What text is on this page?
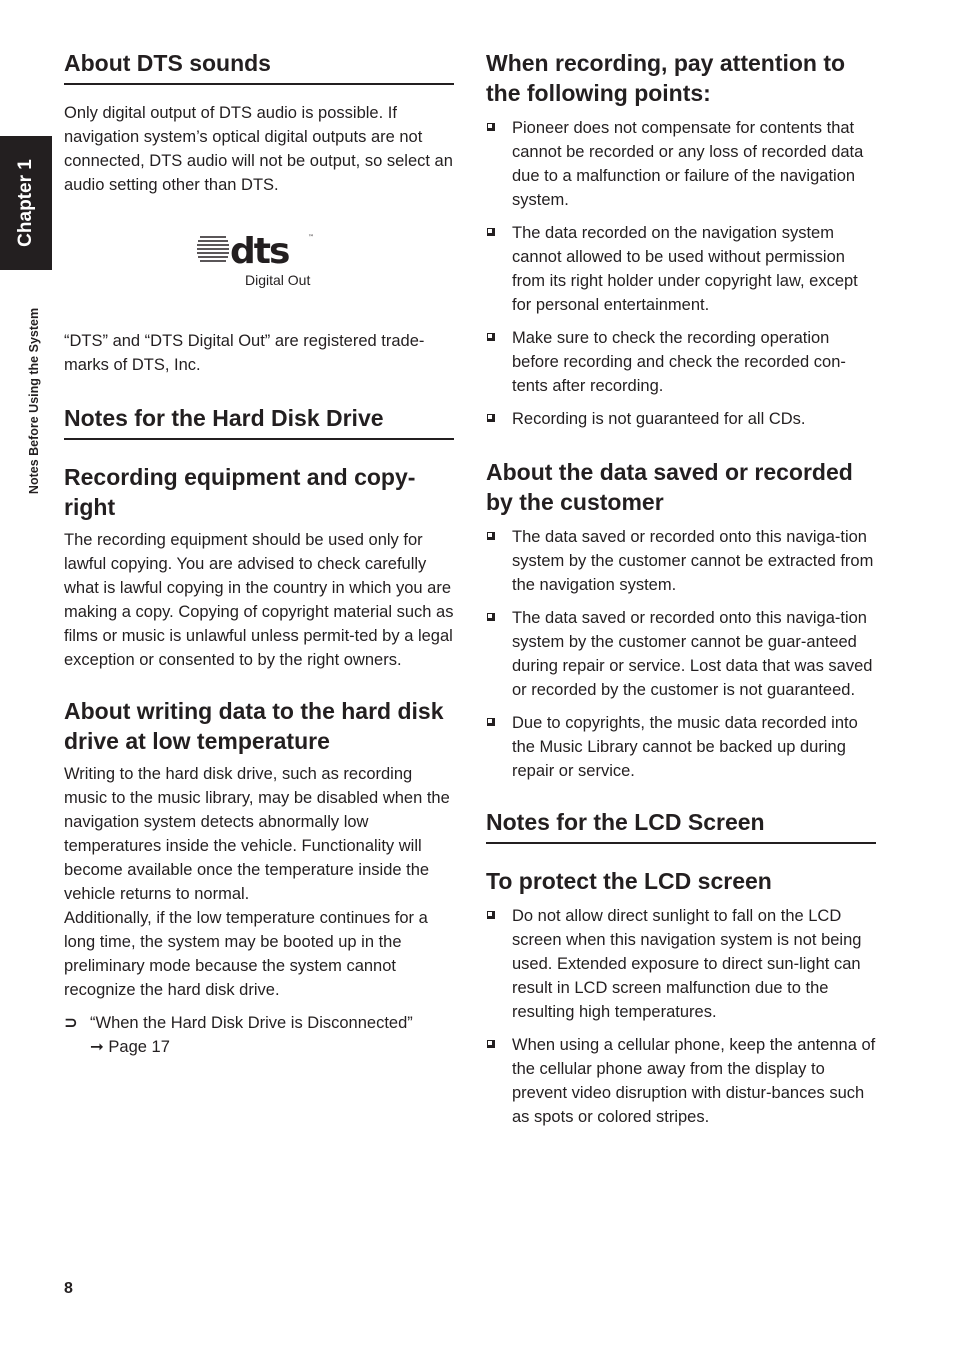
Chapter 1
Notes Before Using the System
About DTS sounds

Only digital output of DTS audio is possible. If navigation system’s optical digital outputs are not connected, DTS audio will not be output, so select an audio setting other than DTS.

dts	™
Digital Out

“DTS” and “DTS Digital Out” are registered trade-marks of DTS, Inc.

Notes for the Hard Disk Drive
Recording equipment and copy-right

The recording equipment should be used only for lawful copying. You are advised to check carefully what is lawful copying in the country in which you are making a copy. Copying of copyright material such as films or music is unlawful unless permit-ted by a legal exception or consented to by the right owners.

About writing data to the hard disk drive at low temperature

Writing to the hard disk drive, such as recording music to the music library, may be disabled when the navigation system detects abnormally low temperatures inside the vehicle. Functionality will become available once the temperature inside the vehicle returns to normal.

Additionally, if the low temperature continues for a long time, the system may be booted up in the preliminary mode because the system cannot recognize the hard disk drive.

⊃ “When the Hard Disk Drive is Disconnected”
➞ Page 17
When recording, pay attention to the following points:
Pioneer does not compensate for contents that cannot be recorded or any loss of recorded data due to a malfunction or failure of the navigation system.
The data recorded on the navigation system cannot allowed to be used without permission from its right holder under copyright law, except for personal entertainment.
Make sure to check the recording operation before recording and check the recorded con-tents after recording.
Recording is not guaranteed for all CDs.
About the data saved or recorded by the customer
The data saved or recorded onto this naviga-tion system by the customer cannot be extracted from the navigation system.
The data saved or recorded onto this naviga-tion system by the customer cannot be guar-anteed during repair or service. Lost data that was saved or recorded by the customer is not guaranteed.
Due to copyrights, the music data recorded into the Music Library cannot be backed up during repair or service.
Notes for the LCD Screen
To protect the LCD screen
Do not allow direct sunlight to fall on the LCD screen when this navigation system is not being used. Extended exposure to direct sun-light can result in LCD screen malfunction due to the resulting high temperatures.
When using a cellular phone, keep the antenna of the cellular phone away from the display to prevent video disruption with distur-bances such as spots or colored stripes.
8
